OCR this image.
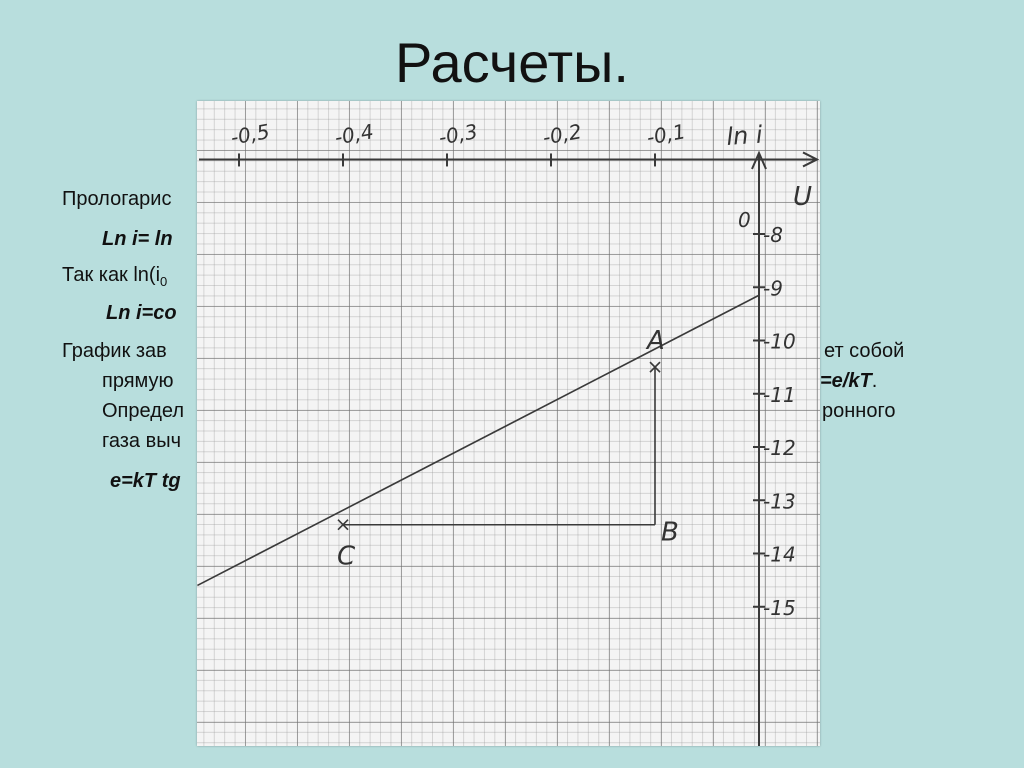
Расчеты.
Прологарис
Ln i= ln
Так как $\ln(i_0$
Ln i=co
График зав	ет собой
прямую	=e/kT.
Определ	ронного
газа выч
e=kT tg
U
ln i
0
-0,5	-0,4	-0,3	-0,2	-0,1
-8
-9
-10
-11
-12
-13
-14
-15
A
B
C
